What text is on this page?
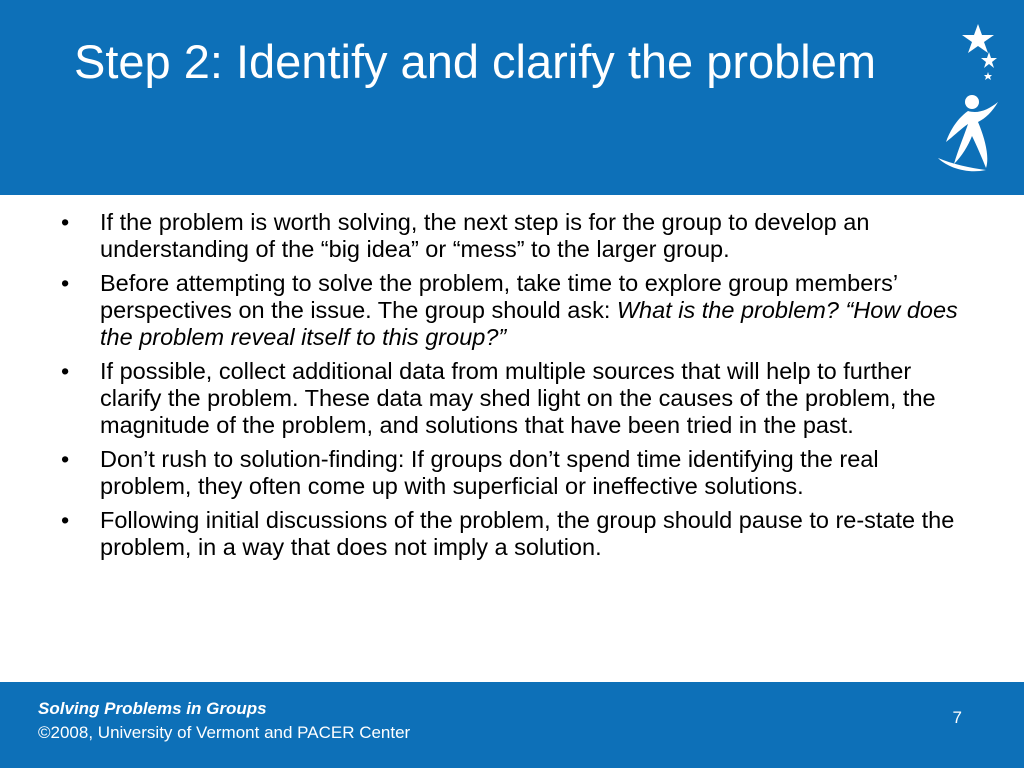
Step 2: Identify and clarify the problem
• If the problem is worth solving, the next step is for the group to develop an understanding of the “big idea” or “mess” to the larger group.
• Before attempting to solve the problem, take time to explore group members’ perspectives on the issue. The group should ask: What is the problem? “How does the problem reveal itself to this group?”
• If possible, collect additional data from multiple sources that will help to further clarify the problem. These data may shed light on the causes of the problem, the magnitude of the problem, and solutions that have been tried in the past.
• Don’t rush to solution-finding: If groups don’t spend time identifying the real problem, they often come up with superficial or ineffective solutions.
• Following initial discussions of the problem, the group should pause to re-state the problem, in a way that does not imply a solution.
Solving Problems in Groups
©2008, University of Vermont and PACER Center
7
